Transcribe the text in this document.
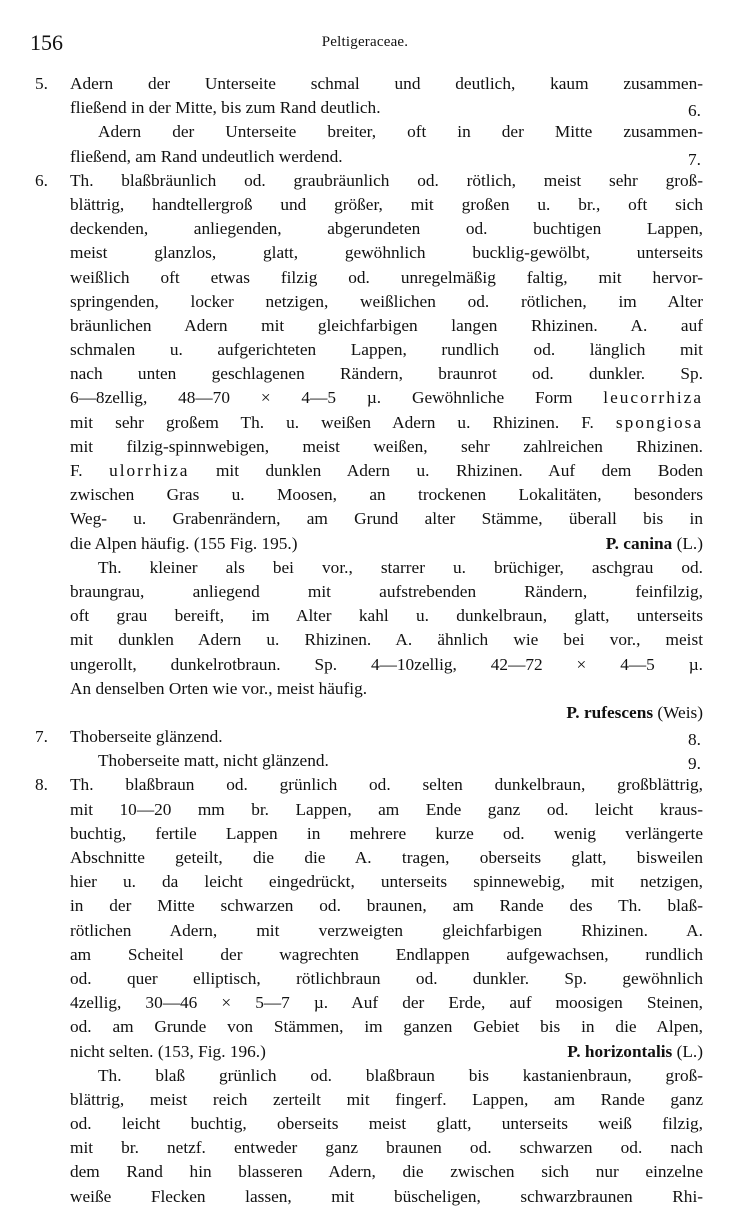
156	Peltigeraceae.
5. Adern der Unterseite schmal und deutlich, kaum zusammen-
fließend in der Mitte, bis zum Rand deutlich.	6.
Adern der Unterseite breiter, oft in der Mitte zusammen-
fließend, am Rand undeutlich werdend.	7.
6. Th. blaßbräunlich od. graubräunlich od. rötlich, meist sehr groß-
blättrig, handtellergroß und größer, mit großen u. br., oft sich
deckenden, anliegenden, abgerundeten od. buchtigen Lappen,
meist glanzlos, glatt, gewöhnlich bucklig-gewölbt, unterseits
weißlich oft etwas filzig od. unregelmäßig faltig, mit hervor-
springenden, locker netzigen, weißlichen od. rötlichen, im Alter
bräunlichen Adern mit gleichfarbigen langen Rhizinen. A. auf
schmalen u. aufgerichteten Lappen, rundlich od. länglich mit
nach unten geschlagenen Rändern, braunrot od. dunkler. Sp.
6—8zellig, 48—70 × 4—5 µ. Gewöhnliche Form leucorrhiza
mit sehr großem Th. u. weißen Adern u. Rhizinen. F. spongiosa
mit filzig-spinnwebigen, meist weißen, sehr zahlreichen Rhizinen.
F. ulorrhiza mit dunklen Adern u. Rhizinen. Auf dem Boden
zwischen Gras u. Moosen, an trockenen Lokalitäten, besonders
Weg- u. Grabenrändern, am Grund alter Stämme, überall bis in
die Alpen häufig. (155 Fig. 195.)	P. canina (L.)
Th. kleiner als bei vor., starrer u. brüchiger, aschgrau od.
braungrau, anliegend mit aufstrebenden Rändern, feinfilzig,
oft grau bereift, im Alter kahl u. dunkelbraun, glatt, unterseits
mit dunklen Adern u. Rhizinen. A. ähnlich wie bei vor., meist
ungerollt, dunkelrotbraun. Sp. 4—10zellig, 42—72 × 4—5 µ.
An denselben Orten wie vor., meist häufig.
P. rufescens (Weis)
7. Thoberseite glänzend.	8.
Thoberseite matt, nicht glänzend.	9.
8. Th. blaßbraun od. grünlich od. selten dunkelbraun, großblättrig,
mit 10—20 mm br. Lappen, am Ende ganz od. leicht kraus-
buchtig, fertile Lappen in mehrere kurze od. wenig verlängerte
Abschnitte geteilt, die die A. tragen, oberseits glatt, bisweilen
hier u. da leicht eingedrückt, unterseits spinnewebig, mit netzigen,
in der Mitte schwarzen od. braunen, am Rande des Th. blaß-
rötlichen Adern, mit verzweigten gleichfarbigen Rhizinen. A.
am Scheitel der wagrechten Endlappen aufgewachsen, rundlich
od. quer elliptisch, rötlichbraun od. dunkler. Sp. gewöhnlich
4zellig, 30—46 × 5—7 µ. Auf der Erde, auf moosigen Steinen,
od. am Grunde von Stämmen, im ganzen Gebiet bis in die Alpen,
nicht selten. (153, Fig. 196.)	P. horizontalis (L.)
Th. blaß grünlich od. blaßbraun bis kastanienbraun, groß-
blättrig, meist reich zerteilt mit fingerf. Lappen, am Rande ganz
od. leicht buchtig, oberseits meist glatt, unterseits weiß filzig,
mit br. netzf. entweder ganz braunen od. schwarzen od. nach
dem Rand hin blasseren Adern, die zwischen sich nur einzelne
weiße Flecken lassen, mit büscheligen, schwarzbraunen Rhi-
